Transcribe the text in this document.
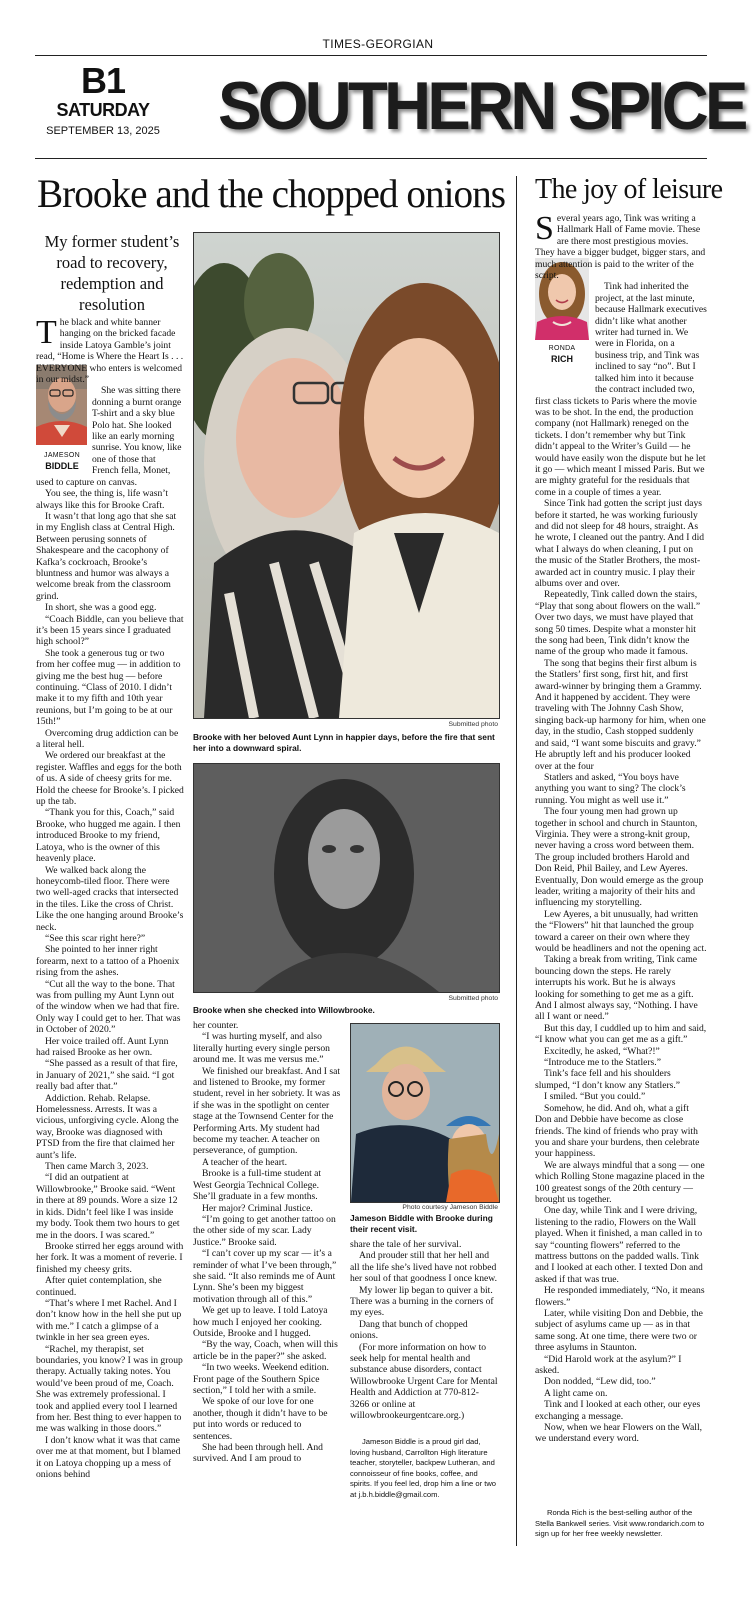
TIMES-GEORGIAN
B1
SATURDAY
SEPTEMBER 13, 2025 SOUTHERN SPICE
Brooke and the chopped onions
My former student’s road to recovery, redemption and resolution
JAMESON
BIDDLE

The black and white banner hanging on the bricked facade inside Latoya Gamble’s joint read, “Home is Where the Heart Is . . . EVERYONE who enters is welcomed in our midst.”

She was sitting there donning a burnt orange T-shirt and a sky blue Polo hat. She looked like an early morning sunrise. You know, like one of those that French fella, Monet, used to capture on canvas.

You see, the thing is, life wasn’t always like this for Brooke Craft.

It wasn’t that long ago that she sat in my English class at Central High. Between perusing sonnets of Shakespeare and the cacophony of Kafka’s cockroach, Brooke’s bluntness and humor was always a welcome break from the classroom grind.

In short, she was a good egg.

“Coach Biddle, can you believe that it’s been 15 years since I graduated high school?”

She took a generous tug or two from her coffee mug — in addition to giving me the best hug — before continuing. “Class of 2010. I didn’t make it to my fifth and 10th year reunions, but I’m going to be at our 15th!”

Overcoming drug addiction can be a literal hell.

We ordered our breakfast at the register. Waffles and eggs for the both of us. A side of cheesy grits for me. Hold the cheese for Brooke’s. I picked up the tab.

“Thank you for this, Coach,” said Brooke, who hugged me again. I then introduced Brooke to my friend, Latoya, who is the owner of this heavenly place.

We walked back along the honeycomb-tiled floor. There were two well-aged cracks that intersected in the tiles. Like the cross of Christ. Like the one hanging around Brooke’s neck.

“See this scar right here?”

She pointed to her inner right forearm, next to a tattoo of a Phoenix rising from the ashes.

“Cut all the way to the bone. That was from pulling my Aunt Lynn out of the window when we had that fire. Only way I could get to her. That was in October of 2020.”

Her voice trailed off. Aunt Lynn had raised Brooke as her own.

“She passed as a result of that fire, in January of 2021,” she said. “I got really bad after that.”

Addiction. Rehab. Relapse. Homelessness. Arrests. It was a vicious, unforgiving cycle. Along the way, Brooke was diagnosed with PTSD from the fire that claimed her aunt’s life.

Then came March 3, 2023.

“I did an outpatient at Willowbrooke,” Brooke said. “Went in there at 89 pounds. Wore a size 12 in kids. Didn’t feel like I was inside my body. Took them two hours to get me in the doors. I was scared.”

Brooke stirred her eggs around with her fork. It was a moment of reverie. I finished my cheesy grits.

After quiet contemplation, she continued.

“That’s where I met Rachel. And I don’t know how in the hell she put up with me.” I catch a glimpse of a twinkle in her sea green eyes.

“Rachel, my therapist, set boundaries, you know? I was in group therapy. Actually taking notes. You would’ve been proud of me, Coach. She was extremely professional. I took and applied every tool I learned from her. Best thing to ever happen to me was walking in those doors.”

I don’t know what it was that came over me at that moment, but I blamed it on Latoya chopping up a mess of onions behind

Submitted photo
Brooke with her beloved Aunt Lynn in happier days, before the fire that sent her into a downward spiral.
Submitted photo
Brooke when she checked into Willowbrooke.

her counter.

“I was hurting myself, and also literally hurting every single person around me. It was me versus me.”

We finished our breakfast. And I sat and listened to Brooke, my former student, revel in her sobriety. It was as if she was in the spotlight on center stage at the Townsend Center for the Performing Arts. My student had become my teacher. A teacher on perseverance, of gumption.

A teacher of the heart.

Brooke is a full-time student at West Georgia Technical College. She’ll graduate in a few months.

Her major? Criminal Justice.

“I’m going to get another tattoo on the other side of my scar. Lady Justice.” Brooke said.

“I can’t cover up my scar — it’s a reminder of what I’ve been through,” she said. “It also reminds me of Aunt Lynn. She’s been my biggest motivation through all of this.”

We get up to leave. I told Latoya how much I enjoyed her cooking. Outside, Brooke and I hugged.

“By the way, Coach, when will this article be in the paper?” she asked.

“In two weeks. Weekend edition. Front page of the Southern Spice section,” I told her with a smile.

We spoke of our love for one another, though it didn’t have to be put into words or reduced to sentences.

She had been through hell. And survived. And I am proud to

Photo courtesy Jameson Biddle
Jameson Biddle with Brooke during their recent visit.

share the tale of her survival.

And prouder still that her hell and all the life she’s lived have not robbed her soul of that goodness I once knew.

My lower lip began to quiver a bit. There was a burning in the corners of my eyes.

Dang that bunch of chopped onions.

(For more information on how to seek help for mental health and substance abuse disorders, contact Willowbrooke Urgent Care for Mental Health and Addiction at 770-812-3266 or online at willowbrookeurgentcare.org.)

Jameson Biddle is a proud girl dad, loving husband, Carrollton High literature teacher, storyteller, backpew Lutheran, and connoisseur of fine books, coffee, and spirits. If you feel led, drop him a line or two at j.b.h.biddle@gmail.com.
The joy of leisure
RONDA
RICH

Several years ago, Tink was writing a Hallmark Hall of Fame movie. These are there most prestigious movies. They have a bigger budget, bigger stars, and much attention is paid to the writer of the script.

Tink had inherited the project, at the last minute, because Hallmark executives didn’t like what another writer had turned in. We were in Florida, on a business trip, and Tink was inclined to say “no”. But I talked him into it because the contract included two, first class tickets to Paris where the movie was to be shot. In the end, the production company (not Hallmark) reneged on the tickets. I don’t remember why but Tink didn’t appeal to the Writer’s Guild — he would have easily won the dispute but he let it go — which meant I missed Paris. But we are mighty grateful for the residuals that come in a couple of times a year.

Since Tink had gotten the script just days before it started, he was working furiously and did not sleep for 48 hours, straight. As he wrote, I cleaned out the pantry. And I did what I always do when cleaning, I put on the music of the Statler Brothers, the most-awarded act in country music. I play their albums over and over.

Repeatedly, Tink called down the stairs, “Play that song about flowers on the wall.” Over two days, we must have played that song 50 times. Despite what a monster hit the song had been, Tink didn’t know the name of the group who made it famous.

The song that begins their first album is the Statlers’ first song, first hit, and first award-winner by bringing them a Grammy. And it happened by accident. They were traveling with The Johnny Cash Show, singing back-up harmony for him, when one day, in the studio, Cash stopped suddenly and said, “I want some biscuits and gravy.” He abruptly left and his producer looked over at the four

Statlers and asked, “You boys have anything you want to sing? The clock’s running. You might as well use it.”

The four young men had grown up together in school and church in Staunton, Virginia. They were a strong-knit group, never having a cross word between them. The group included brothers Harold and Don Reid, Phil Bailey, and Lew Ayeres. Eventually, Don would emerge as the group leader, writing a majority of their hits and influencing my storytelling.

Lew Ayeres, a bit unusually, had written the “Flowers” hit that launched the group toward a career on their own where they would be headliners and not the opening act.

Taking a break from writing, Tink came bouncing down the steps. He rarely interrupts his work. But he is always looking for something to get me as a gift. And I almost always say, “Nothing. I have all I want or need.”

But this day, I cuddled up to him and said, “I know what you can get me as a gift.”

Excitedly, he asked, “What?!”

“Introduce me to the Statlers.”

Tink’s face fell and his shoulders slumped, “I don’t know any Statlers.”

I smiled. “But you could.”

Somehow, he did. And oh, what a gift Don and Debbie have become as close friends. The kind of friends who pray with you and share your burdens, then celebrate your happiness.

We are always mindful that a song — one which Rolling Stone magazine placed in the 100 greatest songs of the 20th century — brought us together.

One day, while Tink and I were driving, listening to the radio, Flowers on the Wall played. When it finished, a man called in to say “counting flowers” referred to the mattress buttons on the padded walls. Tink and I looked at each other. I texted Don and asked if that was true.

He responded immediately, “No, it means flowers.”

Later, while visiting Don and Debbie, the subject of asylums came up — as in that same song. At one time, there were two or three asylums in Staunton.

“Did Harold work at the asylum?” I asked.

Don nodded, “Lew did, too.”

A light came on.

Tink and I looked at each other, our eyes exchanging a message.

Now, when we hear Flowers on the Wall, we understand every word.

Ronda Rich is the best-selling author of the Stella Bankwell series. Visit www.rondarich.com to sign up for her free weekly newsletter.
